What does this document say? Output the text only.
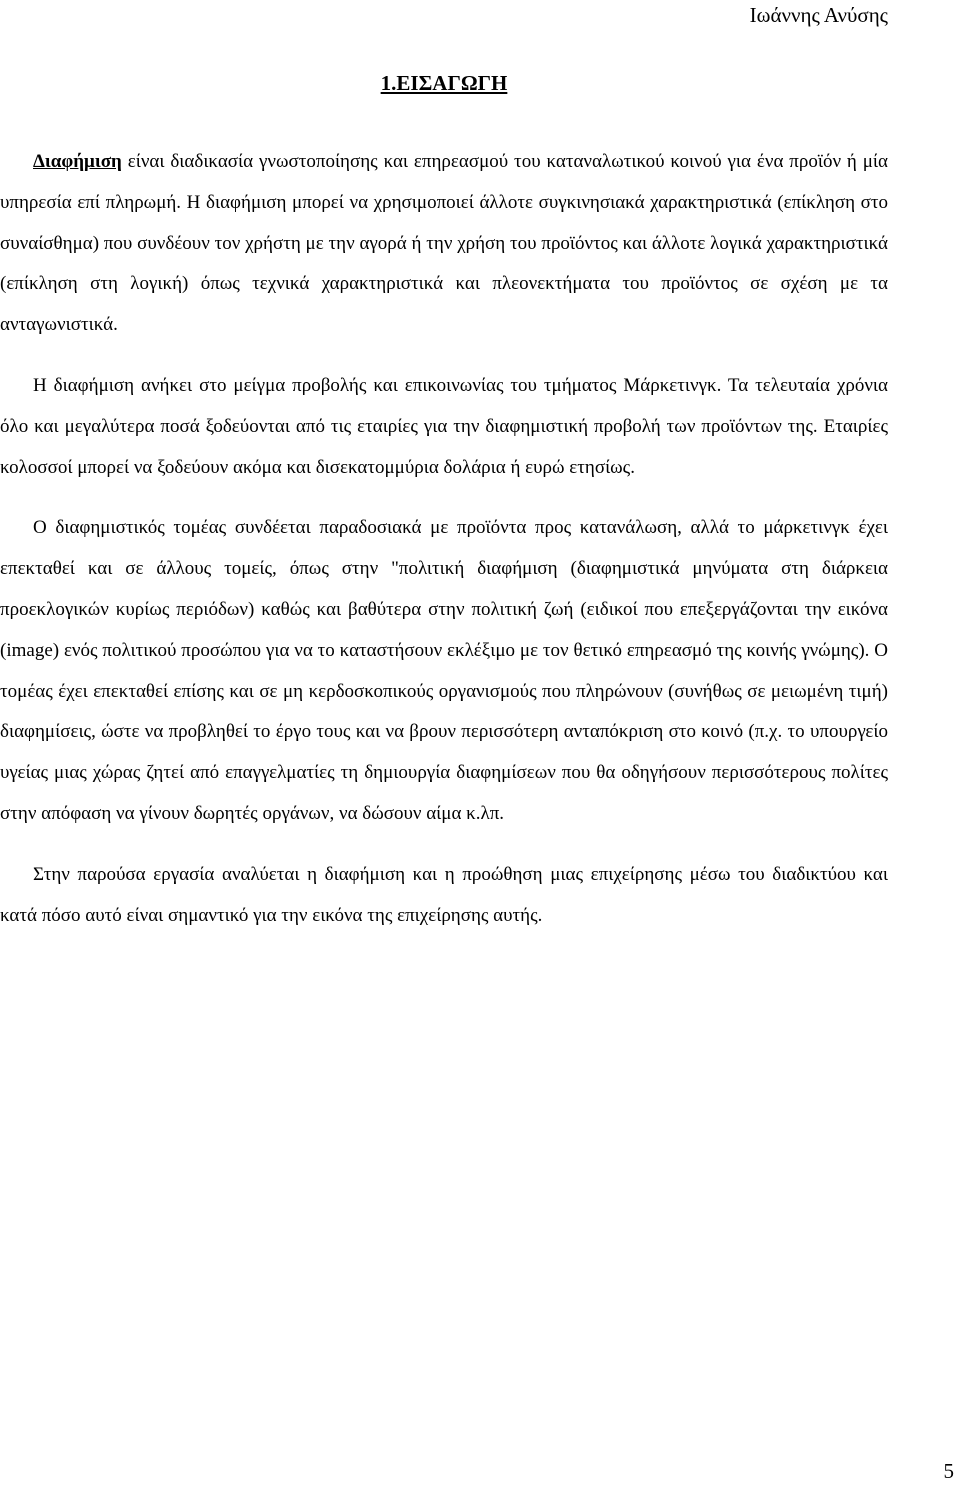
Ιωάννης Ανύσης

1.ΕΙΣΑΓΩΓΗ

Διαφήμιση είναι διαδικασία γνωστοποίησης και επηρεασμού του καταναλωτικού κοινού για ένα προϊόν ή μία υπηρεσία επί πληρωμή. Η διαφήμιση μπορεί να χρησιμοποιεί άλλοτε συγκινησιακά χαρακτηριστικά (επίκληση στο συναίσθημα) που συνδέουν τον χρήστη με την αγορά ή την χρήση του προϊόντος και άλλοτε λογικά χαρακτηριστικά (επίκληση στη λογική) όπως τεχνικά χαρακτηριστικά και πλεονεκτήματα του προϊόντος σε σχέση με τα ανταγωνιστικά.

Η διαφήμιση ανήκει στο μείγμα προβολής και επικοινωνίας του τμήματος Μάρκετινγκ. Τα τελευταία χρόνια όλο και μεγαλύτερα ποσά ξοδεύονται από τις εταιρίες για την διαφημιστική προβολή των προϊόντων της. Εταιρίες κολοσσοί μπορεί να ξοδεύουν ακόμα και δισεκατομμύρια δολάρια ή ευρώ ετησίως.

Ο διαφημιστικός τομέας συνδέεται παραδοσιακά με προϊόντα προς κατανάλωση, αλλά το μάρκετινγκ έχει επεκταθεί και σε άλλους τομείς, όπως στην "πολιτική διαφήμιση (διαφημιστικά μηνύματα στη διάρκεια προεκλογικών κυρίως περιόδων) καθώς και βαθύτερα στην πολιτική ζωή (ειδικοί που επεξεργάζονται την εικόνα (image) ενός πολιτικού προσώπου για να το καταστήσουν εκλέξιμο με τον θετικό επηρεασμό της κοινής γνώμης). Ο τομέας έχει επεκταθεί επίσης και σε μη κερδοσκοπικούς οργανισμούς που πληρώνουν (συνήθως σε μειωμένη τιμή) διαφημίσεις, ώστε να προβληθεί το έργο τους και να βρουν περισσότερη ανταπόκριση στο κοινό (π.χ. το υπουργείο υγείας μιας χώρας ζητεί από επαγγελματίες τη δημιουργία διαφημίσεων που θα οδηγήσουν περισσότερους πολίτες στην απόφαση να γίνουν δωρητές οργάνων, να δώσουν αίμα κ.λπ.

Στην παρούσα εργασία αναλύεται η διαφήμιση και η προώθηση μιας επιχείρησης μέσω του διαδικτύου και κατά πόσο αυτό είναι σημαντικό για την εικόνα της επιχείρησης αυτής.

5
